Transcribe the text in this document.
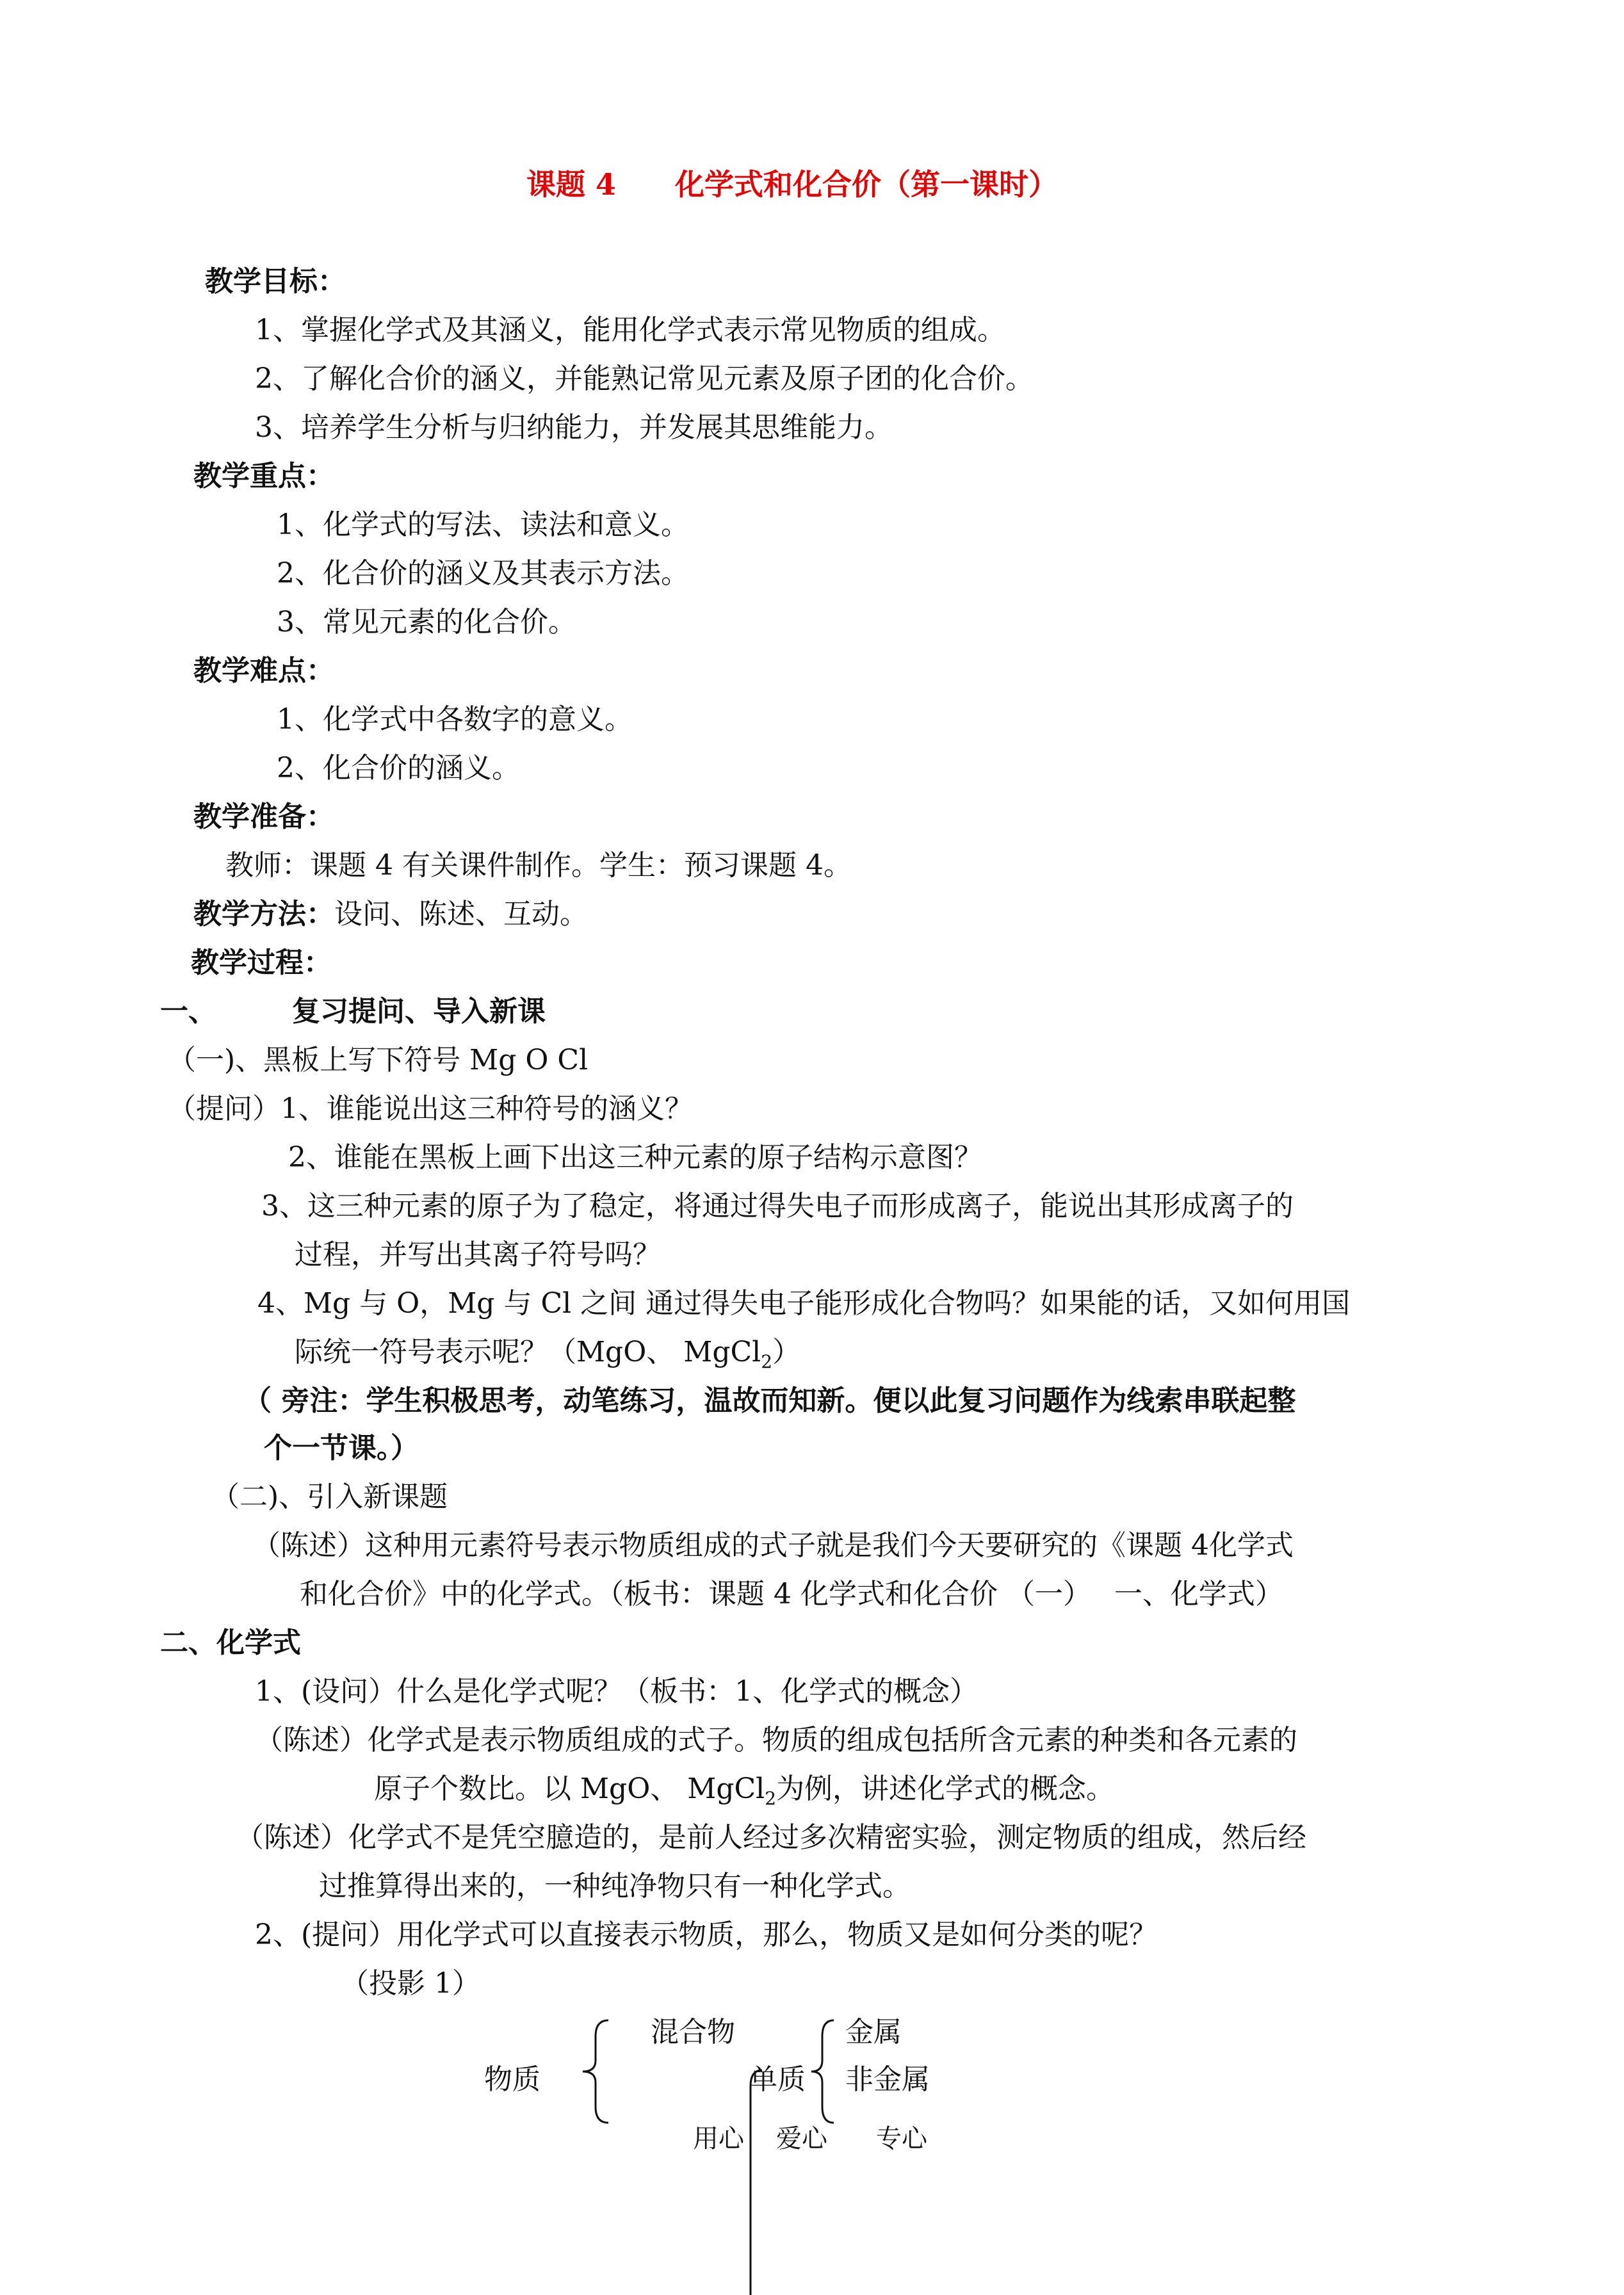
课题 4　　化学式和化合价（第一课时）
教学目标：
1、掌握化学式及其涵义，能用化学式表示常见物质的组成。
2、了解化合价的涵义，并能熟记常见元素及原子团的化合价。
3、培养学生分析与归纳能力，并发展其思维能力。
教学重点：
1、化学式的写法、读法和意义。
2、化合价的涵义及其表示方法。
3、常见元素的化合价。
教学难点：
1、化学式中各数字的意义。
2、化合价的涵义。
教学准备：
教师：课题 4 有关课件制作。学生：预习课题 4。
教学方法：设问、陈述、互动。
教学过程：
一、	复习提问、导入新课
（一)、黑板上写下符号 Mg O Cl
（提问）1、谁能说出这三种符号的涵义？
2、谁能在黑板上画下出这三种元素的原子结构示意图？
3、这三种元素的原子为了稳定，将通过得失电子而形成离子，能说出其形成离子的
过程，并写出其离子符号吗？
4、Mg 与 O，Mg 与 Cl 之间 通过得失电子能形成化合物吗？如果能的话，又如何用国
际统一符号表示呢？（MgO、 MgCl$_2$）
（ 旁注：学生积极思考，动笔练习，温故而知新。便以此复习问题作为线索串联起整
个一节课。）
（二)、引入新课题
（陈述）这种用元素符号表示物质组成的式子就是我们今天要研究的《课题 4化学式
和化合价》中的化学式。（板书：课题 4 化学式和化合价 （一）　 一、化学式）
二、化学式
1、(设问）什么是化学式呢？（板书：1、化学式的概念）
（陈述）化学式是表示物质组成的式子。物质的组成包括所含元素的种类和各元素的
原子个数比。以 MgO、 MgCl$_2$为例，讲述化学式的概念。
（陈述）化学式不是凭空臆造的，是前人经过多次精密实验，测定物质的组成，然后经
过推算得出来的，一种纯净物只有一种化学式。
2、(提问）用化学式可以直接表示物质，那么，物质又是如何分类的呢？
（投影 1）
物质
混合物
单质
金属
非金属
用心 爱心 专心
